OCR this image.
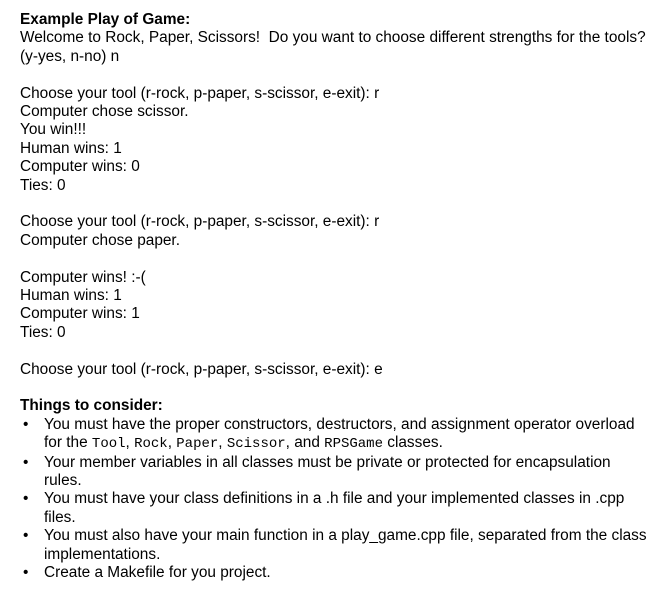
Example Play of Game:
Welcome to Rock, Paper, Scissors!  Do you want to choose different strengths for the tools? (y-yes, n-no) n
Choose your tool (r-rock, p-paper, s-scissor, e-exit): r
Computer chose scissor.
You win!!!
Human wins: 1
Computer wins: 0
Ties: 0
Choose your tool (r-rock, p-paper, s-scissor, e-exit): r
Computer chose paper.
Computer wins! :-(
Human wins: 1
Computer wins: 1
Ties: 0
Choose your tool (r-rock, p-paper, s-scissor, e-exit): e
Things to consider:
• You must have the proper constructors, destructors, and assignment operator overload for the Tool, Rock, Paper, Scissor, and RPSGame classes.
• Your member variables in all classes must be private or protected for encapsulation rules.
• You must have your class definitions in a .h file and your implemented classes in .cpp files.
• You must also have your main function in a play_game.cpp file, separated from the class implementations.
• Create a Makefile for you project.
